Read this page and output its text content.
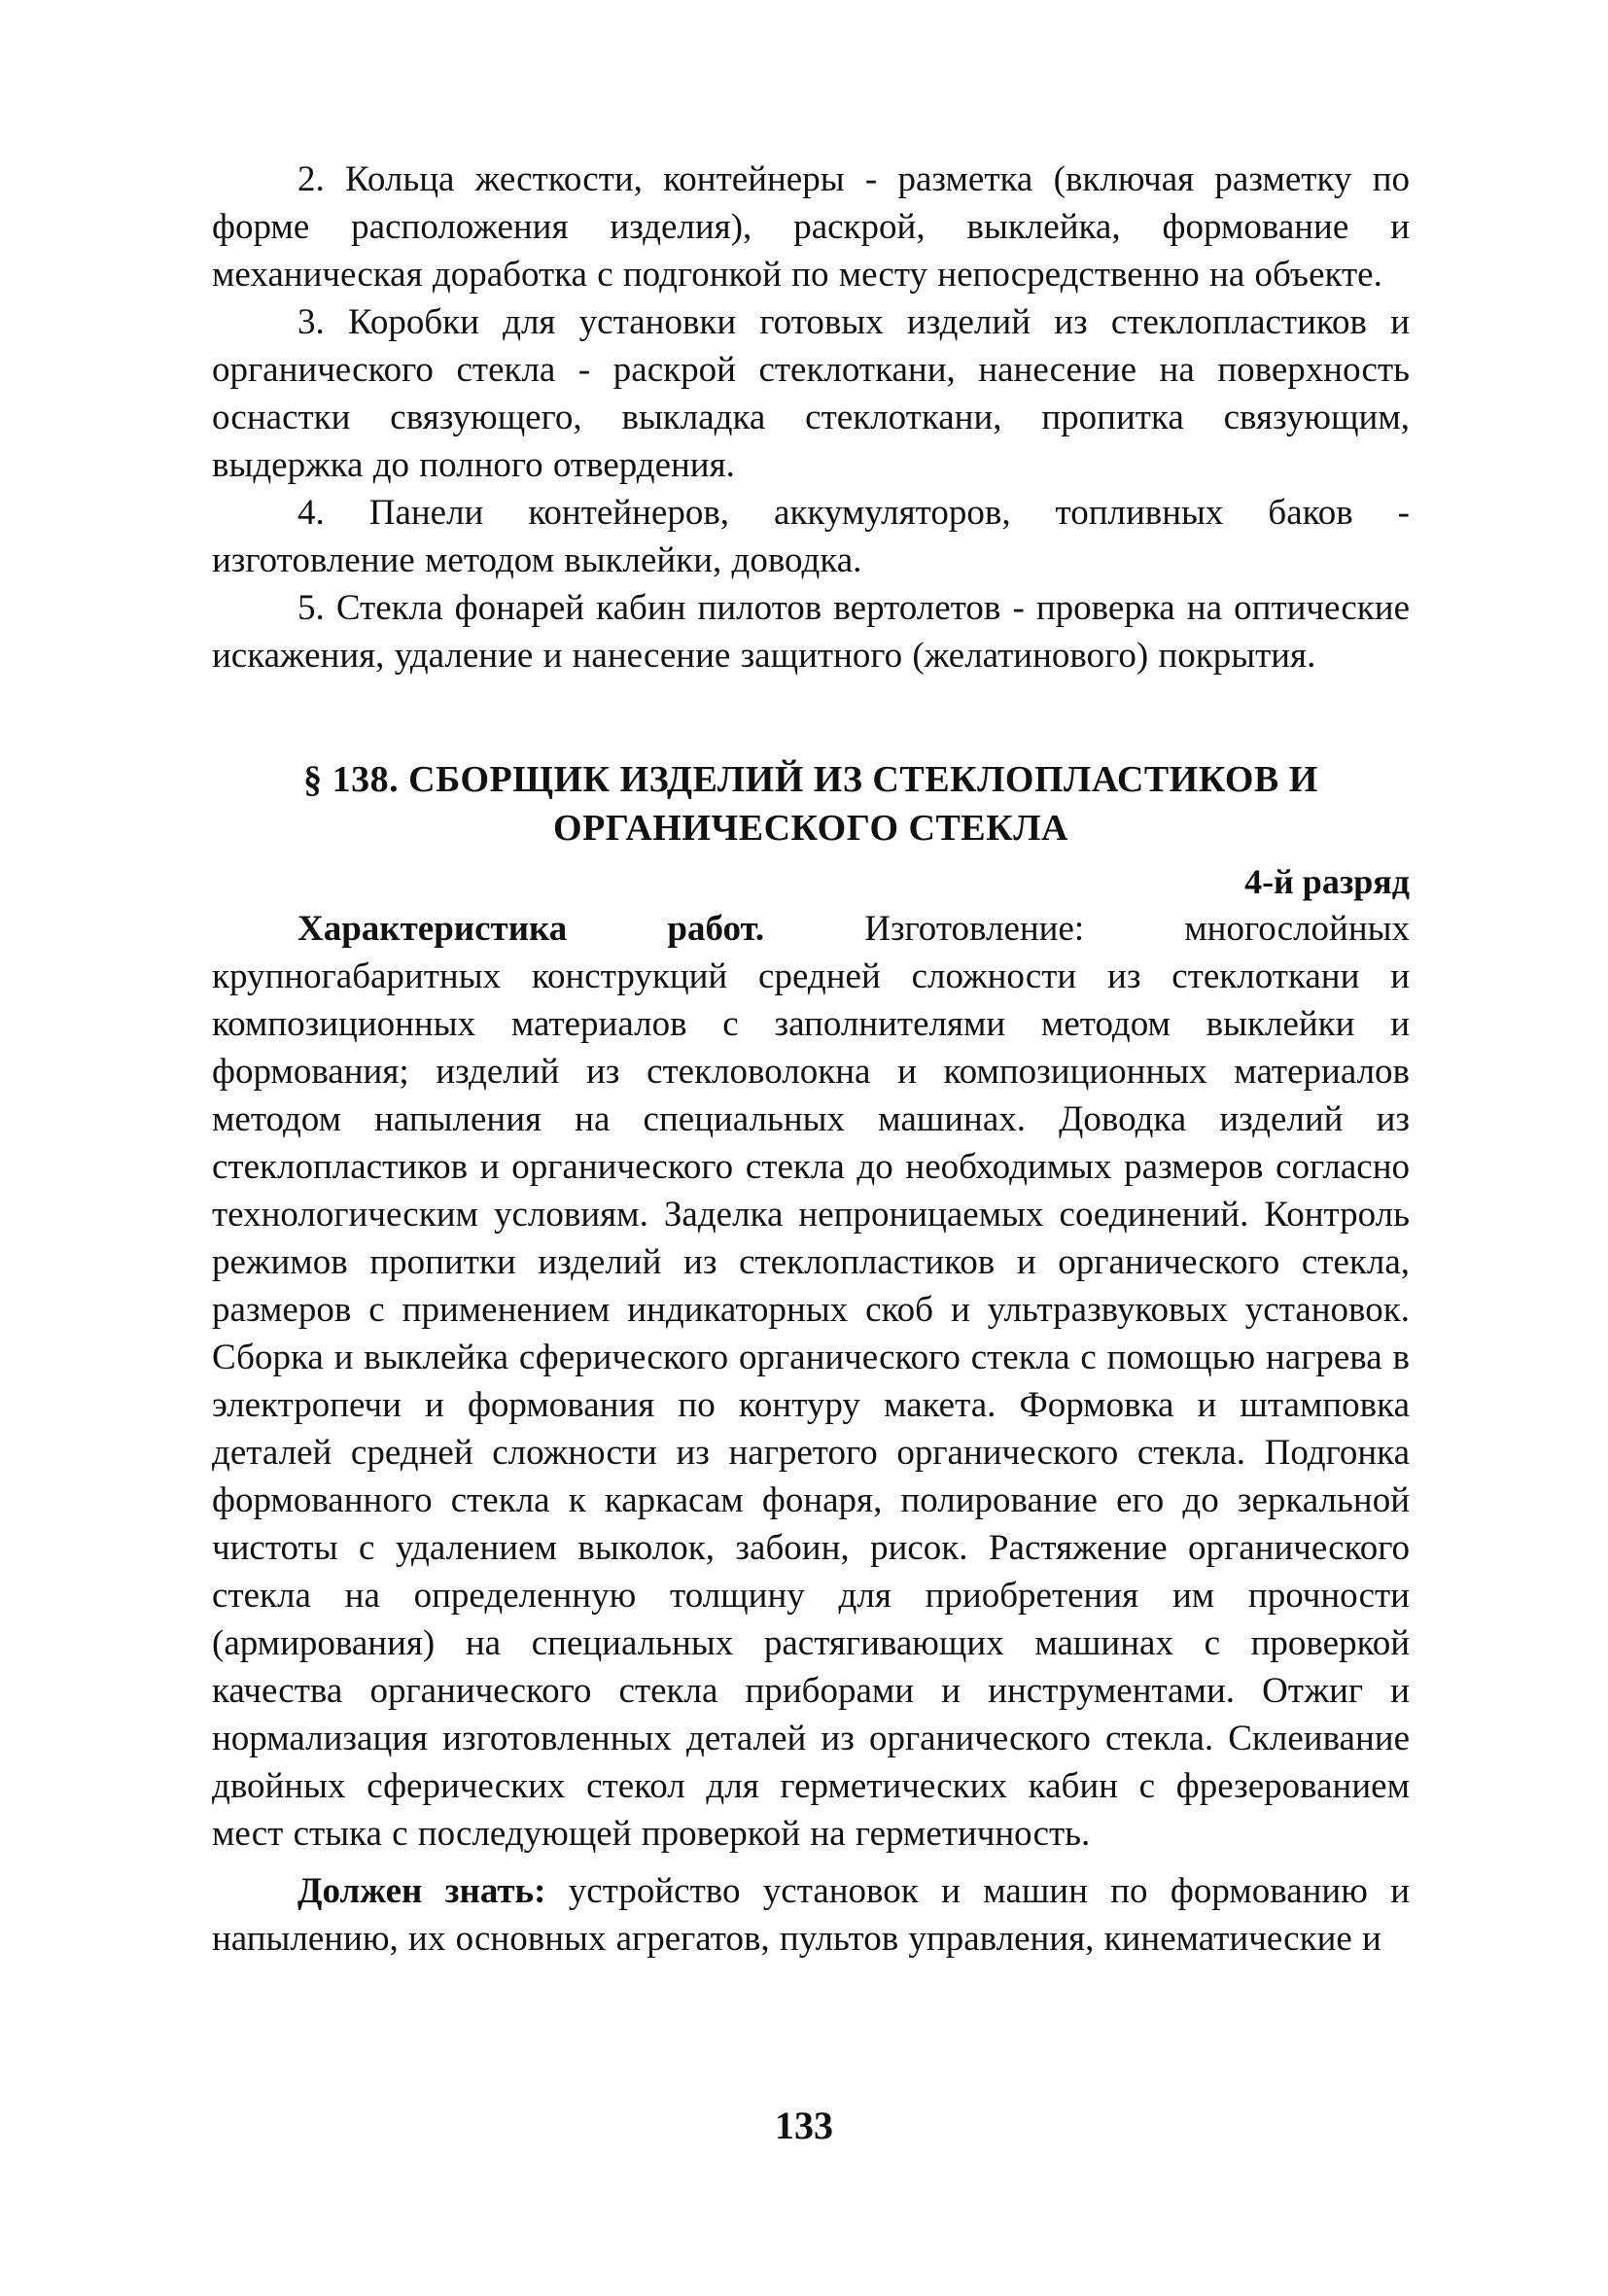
2. Кольца жесткости, контейнеры - разметка (включая разметку по форме расположения изделия), раскрой, выклейка, формование и механическая доработка с подгонкой по месту непосредственно на объекте.

3. Коробки для установки готовых изделий из стеклопластиков и органического стекла - раскрой стеклоткани, нанесение на поверхность оснастки связующего, выкладка стеклоткани, пропитка связующим, выдержка до полного отвердения.

4. Панели контейнеров, аккумуляторов, топливных баков - изготовление методом выклейки, доводка.

5. Стекла фонарей кабин пилотов вертолетов - проверка на оптические искажения, удаление и нанесение защитного (желатинового) покрытия.

§ 138. СБОРЩИК ИЗДЕЛИЙ ИЗ СТЕКЛОПЛАСТИКОВ И
ОРГАНИЧЕСКОГО СТЕКЛА
4-й разряд

Характеристика работ.	Изготовление: многослойных крупногабаритных конструкций средней сложности из стеклоткани и композиционных материалов с заполнителями методом выклейки и формования; изделий из стекловолокна и композиционных материалов методом напыления на специальных машинах. Доводка изделий из стеклопластиков и органического стекла до необходимых размеров согласно технологическим условиям. Заделка непроницаемых соединений. Контроль режимов пропитки изделий из стеклопластиков и органического стекла, размеров с применением индикаторных скоб и ультразвуковых установок. Сборка и выклейка сферического органического стекла с помощью нагрева в электропечи и формования по контуру макета. Формовка и штамповка деталей средней сложности из нагретого органического стекла. Подгонка формованного стекла к каркасам фонаря, полирование его до зеркальной чистоты с удалением выколок, забоин, рисок. Растяжение органического стекла на определенную толщину для приобретения им прочности (армирования) на специальных растягивающих машинах с проверкой качества органического стекла приборами и инструментами. Отжиг и нормализация изготовленных деталей из органического стекла. Склеивание двойных сферических стекол для герметических кабин с фрезерованием мест стыка с последующей проверкой на герметичность.

Должен знать: устройство установок и машин по формованию и напылению, их основных агрегатов, пультов управления, кинематические и

133
